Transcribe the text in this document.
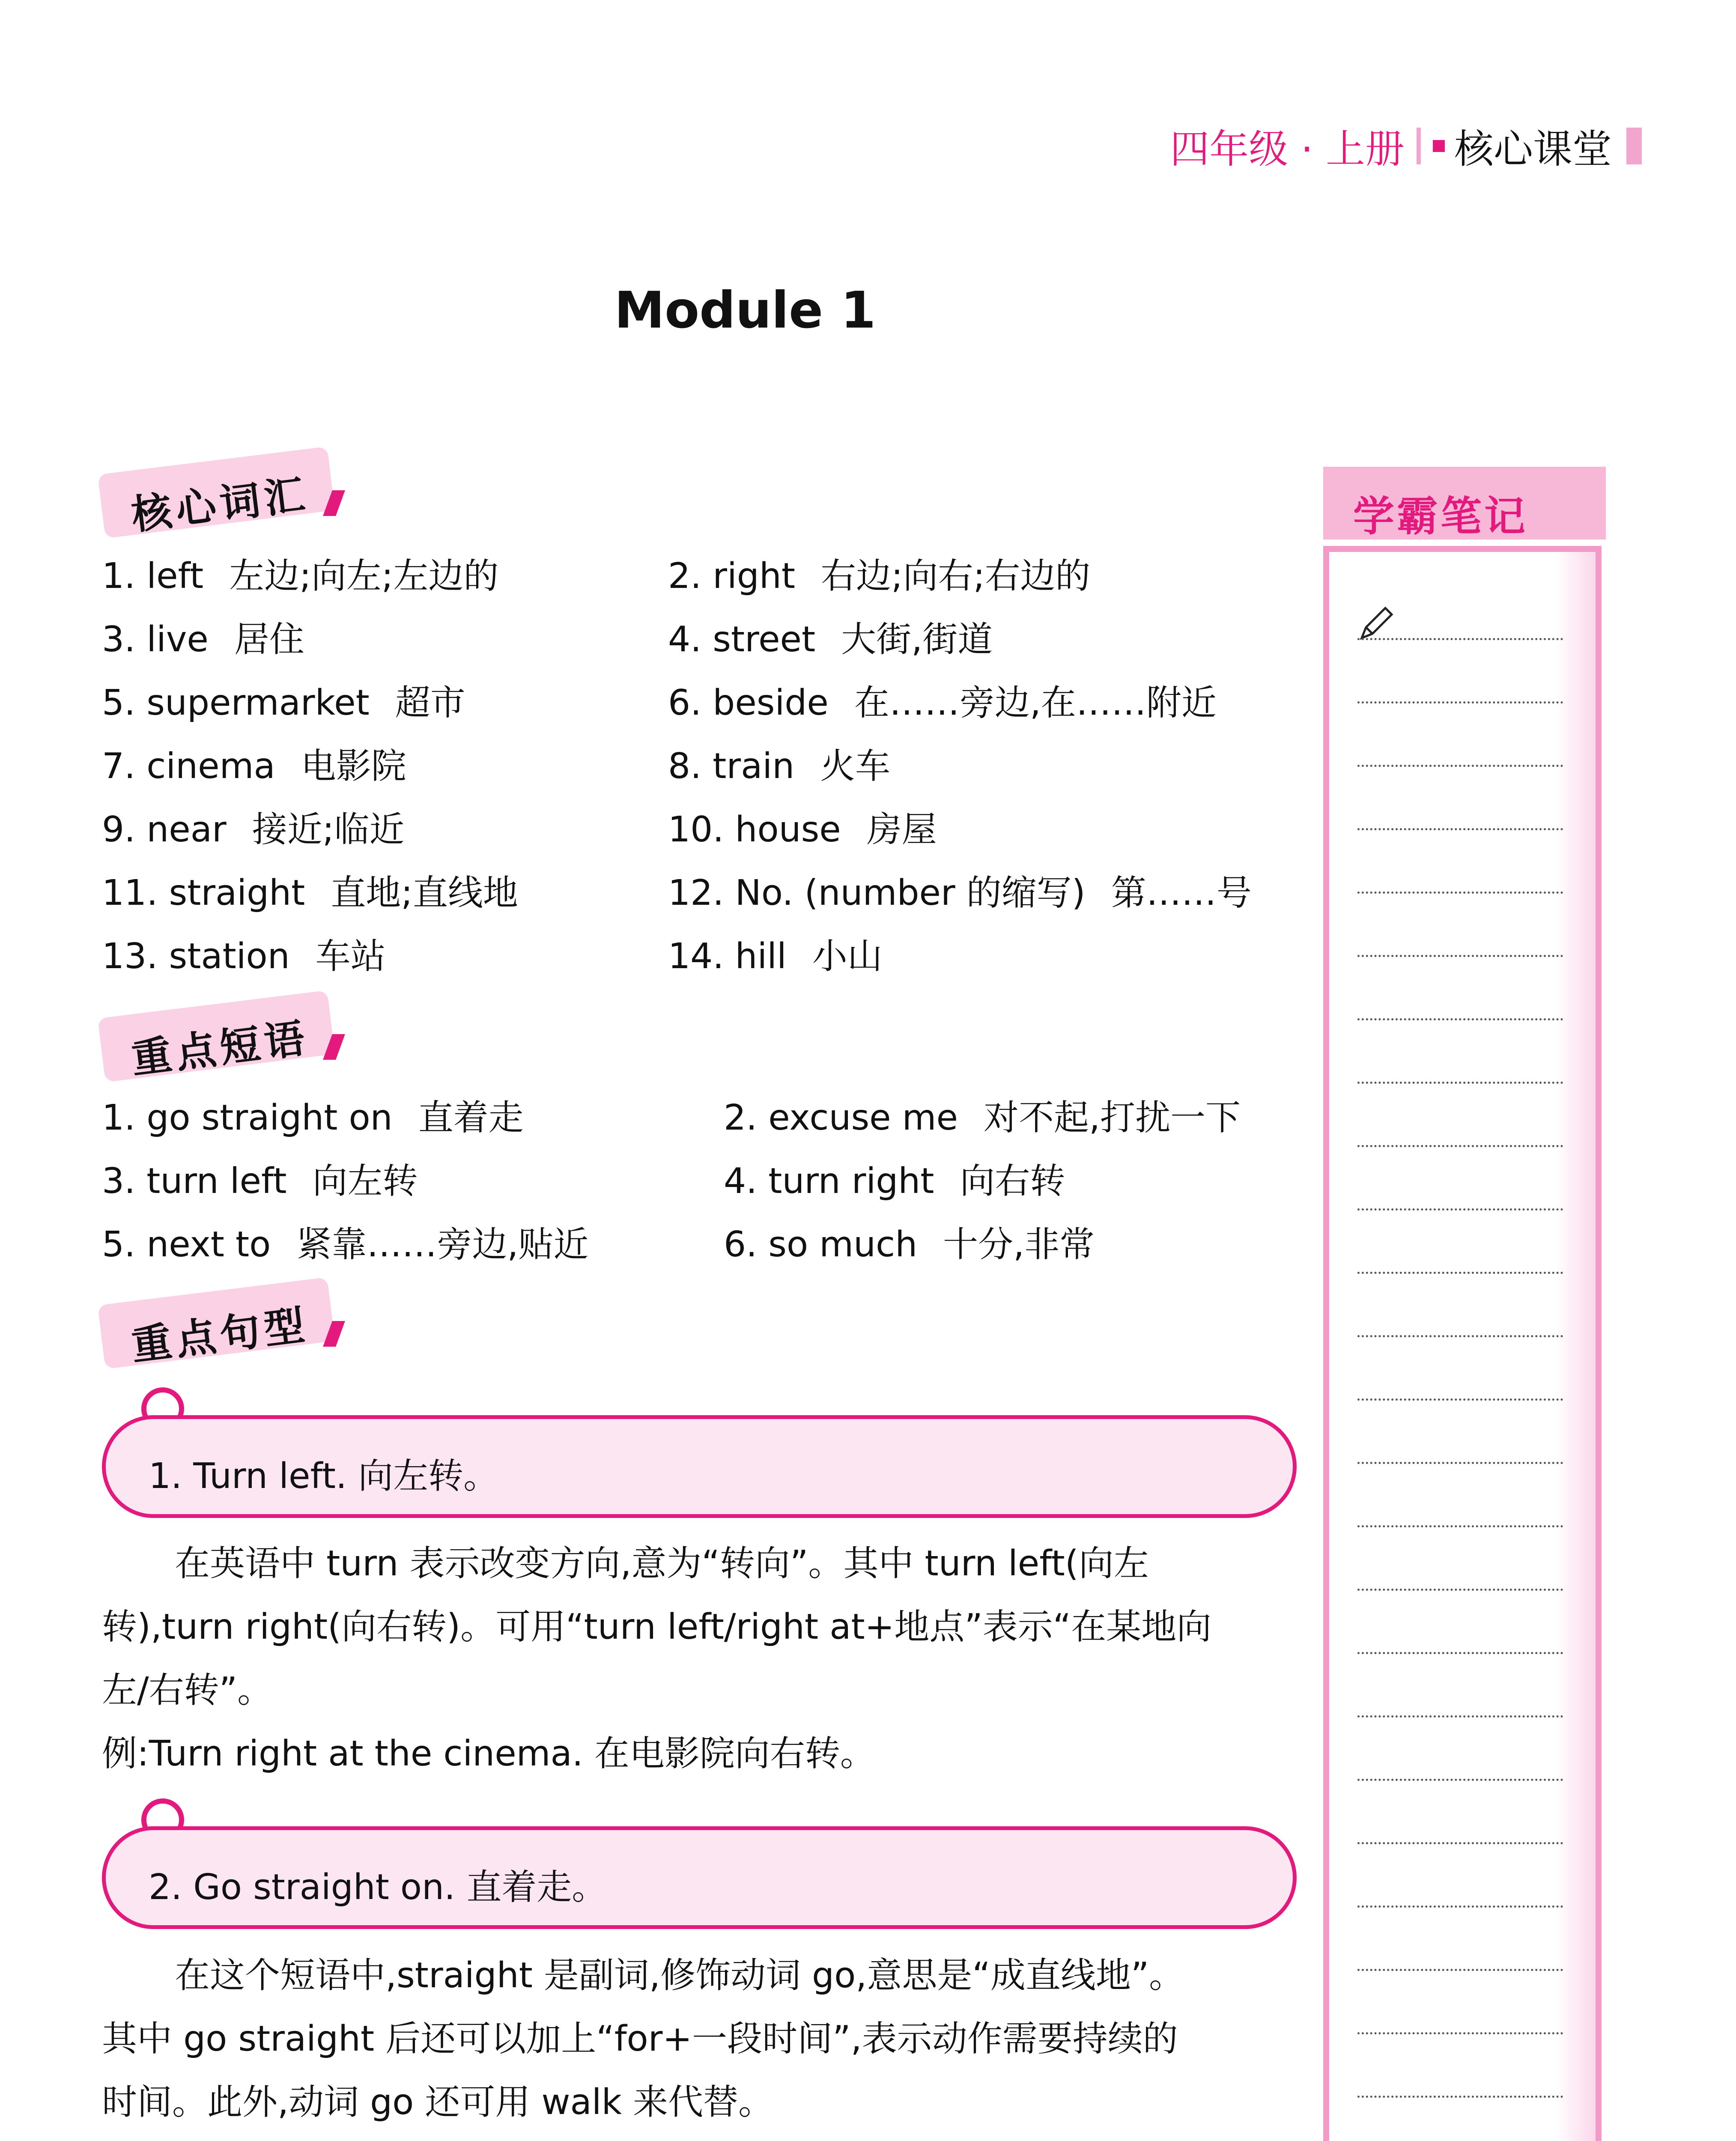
四年级 · 上册 核心课堂
Module 1
核心词汇
1. left 左边;向左;左边的	2. right 右边;向右;右边的
3. live 居住	4. street 大街,街道
5. supermarket 超市	6. beside 在……旁边,在……附近
7. cinema 电影院	8. train 火车
9. near 接近;临近	10. house 房屋
11. straight 直地;直线地	12. No. (number 的缩写) 第……号
13. station 车站	14. hill 小山
重点短语
1. go straight on 直着走	2. excuse me 对不起,打扰一下
3. turn left 向左转	4. turn right 向右转
5. next to 紧靠……旁边,贴近	6. so much 十分,非常
重点句型
1. Turn left. 向左转。
在英语中 turn 表示改变方向,意为“转向”。其中 turn left(向左
转),turn right(向右转)。可用“turn left/right at+地点”表示“在某地向
左/右转”。
例:Turn right at the cinema. 在电影院向右转。
2. Go straight on. 直着走。
在这个短语中,straight 是副词,修饰动词 go,意思是“成直线地”。
其中 go straight 后还可以加上“for+一段时间”,表示动作需要持续的
时间。此外,动词 go 还可用 walk 来代替。
学霸笔记
